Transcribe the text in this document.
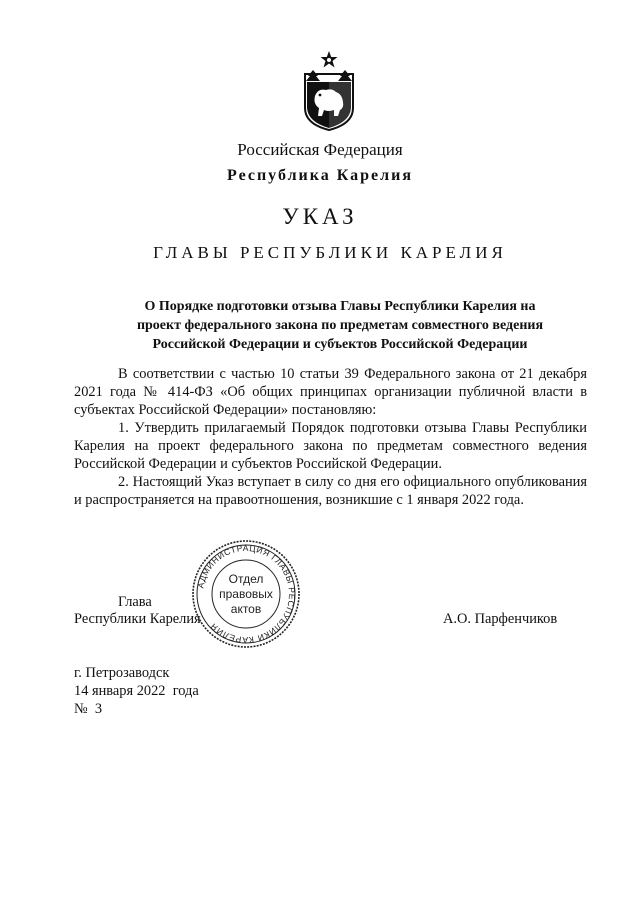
Российская Федерация
Республика Карелия
УКАЗ
ГЛАВЫ РЕСПУБЛИКИ КАРЕЛИЯ
О Порядке подготовки отзыва Главы Республики Карелия на
проект федерального закона по предметам совместного ведения
Российской Федерации и субъектов Российской Федерации

В соответствии с частью 10 статьи 39 Федерального закона от 21 декабря 2021 года № 414-ФЗ «Об общих принципах организации публичной власти в субъектах Российской Федерации» постановляю:

1. Утвердить прилагаемый Порядок подготовки отзыва Главы Республики Карелия на проект федерального закона по предметам совместного ведения Российской Федерации и субъектов Российской Федерации.

2. Настоящий Указ вступает в силу со дня его официального опубликования и распространяется на правоотношения, возникшие с 1 января 2022 года.

Глава
Республики Карелия	А.О. Парфенчиков
АДМИНИСТРАЦИЯ ГЛАВЫ РЕСПУБЛИКИ КАРЕЛИЯ
Отдел
правовых
актов
г. Петрозаводск
14 января 2022  года
№  3
